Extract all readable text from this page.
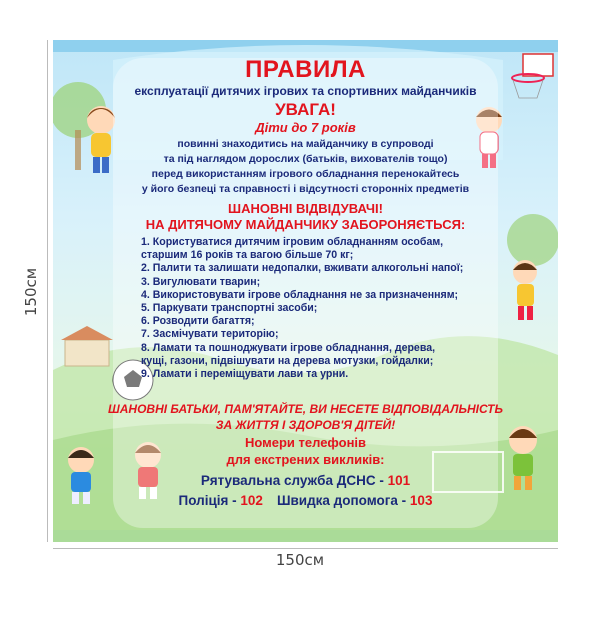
150см
150см
ПРАВИЛА
експлуатації дитячих ігрових та спортивних майданчиків
УВАГА!
Діти до 7 років
повинні знаходитись на майданчику в супроводі
та під наглядом дорослих (батьків, вихователів тощо)
перед використанням ігрового обладнання перенокайтесь
у його безпеці та справності і відсутності сторонніх предметів
ШАНОВНІ ВІДВІДУВАЧІ!
НА ДИТЯЧОМУ МАЙДАНЧИКУ ЗАБОРОНЯЄТЬСЯ:
1. Користуватися дитячим ігровим обладнанням особам,
старшим 16 років та вагою більше 70 кг;
2. Палити та залишати недопалки, вживати алкогольні напої;
3. Вигулювати тварин;
4. Використовувати ігрове обладнання не за призначенням;
5. Паркувати транспортні засоби;
6. Розводити багаття;
7. Засмічувати територію;
8. Ламати та пошноджувати ігрове обладнання, дерева,
кущі, газони, підвішувати на дерева мотузки, гойдалки;
9. Ламати і переміщувати лави та урни.
ШАНОВНІ БАТЬКИ, ПАМ'ЯТАЙТЕ, ВИ НЕСЕТЕ ВІДПОВІДАЛЬНІСТЬ
ЗА ЖИТТЯ І ЗДОРОВ'Я ДІТЕЙ!
Номери телефонів
для екстрених викликів:
Рятувальна служба ДСНС - 101
Поліція - 102 Швидка допомога - 103
